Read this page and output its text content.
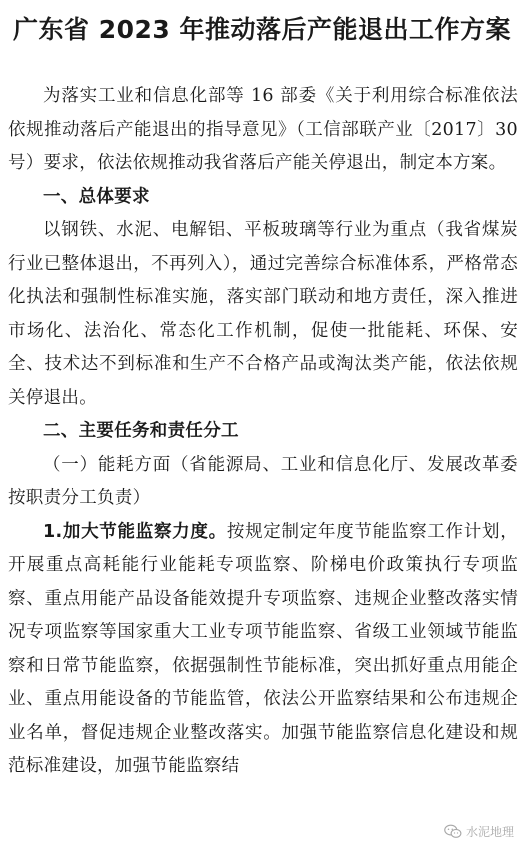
广东省 2023 年推动落后产能退出工作方案

为落实工业和信息化部等 16 部委《关于利用综合标准依法依规推动落后产能退出的指导意见》（工信部联产业〔2017〕30 号）要求，依法依规推动我省落后产能关停退出，制定本方案。

一、总体要求

以钢铁、水泥、电解铝、平板玻璃等行业为重点（我省煤炭行业已整体退出，不再列入），通过完善综合标准体系，严格常态化执法和强制性标准实施，落实部门联动和地方责任，深入推进市场化、法治化、常态化工作机制，促使一批能耗、环保、安全、技术达不到标准和生产不合格产品或淘汰类产能，依法依规关停退出。

二、主要任务和责任分工

（一）能耗方面（省能源局、工业和信息化厅、发展改革委按职责分工负责）

1.加大节能监察力度。按规定制定年度节能监察工作计划，开展重点高耗能行业能耗专项监察、阶梯电价政策执行专项监察、重点用能产品设备能效提升专项监察、违规企业整改落实情况专项监察等国家重大工业专项节能监察、省级工业领域节能监察和日常节能监察，依据强制性节能标准，突出抓好重点用能企业、重点用能设备的节能监管，依法公开监察结果和公布违规企业名单，督促违规企业整改落实。加强节能监察信息化建设和规范标准建设，加强节能监察结

水泥地理
